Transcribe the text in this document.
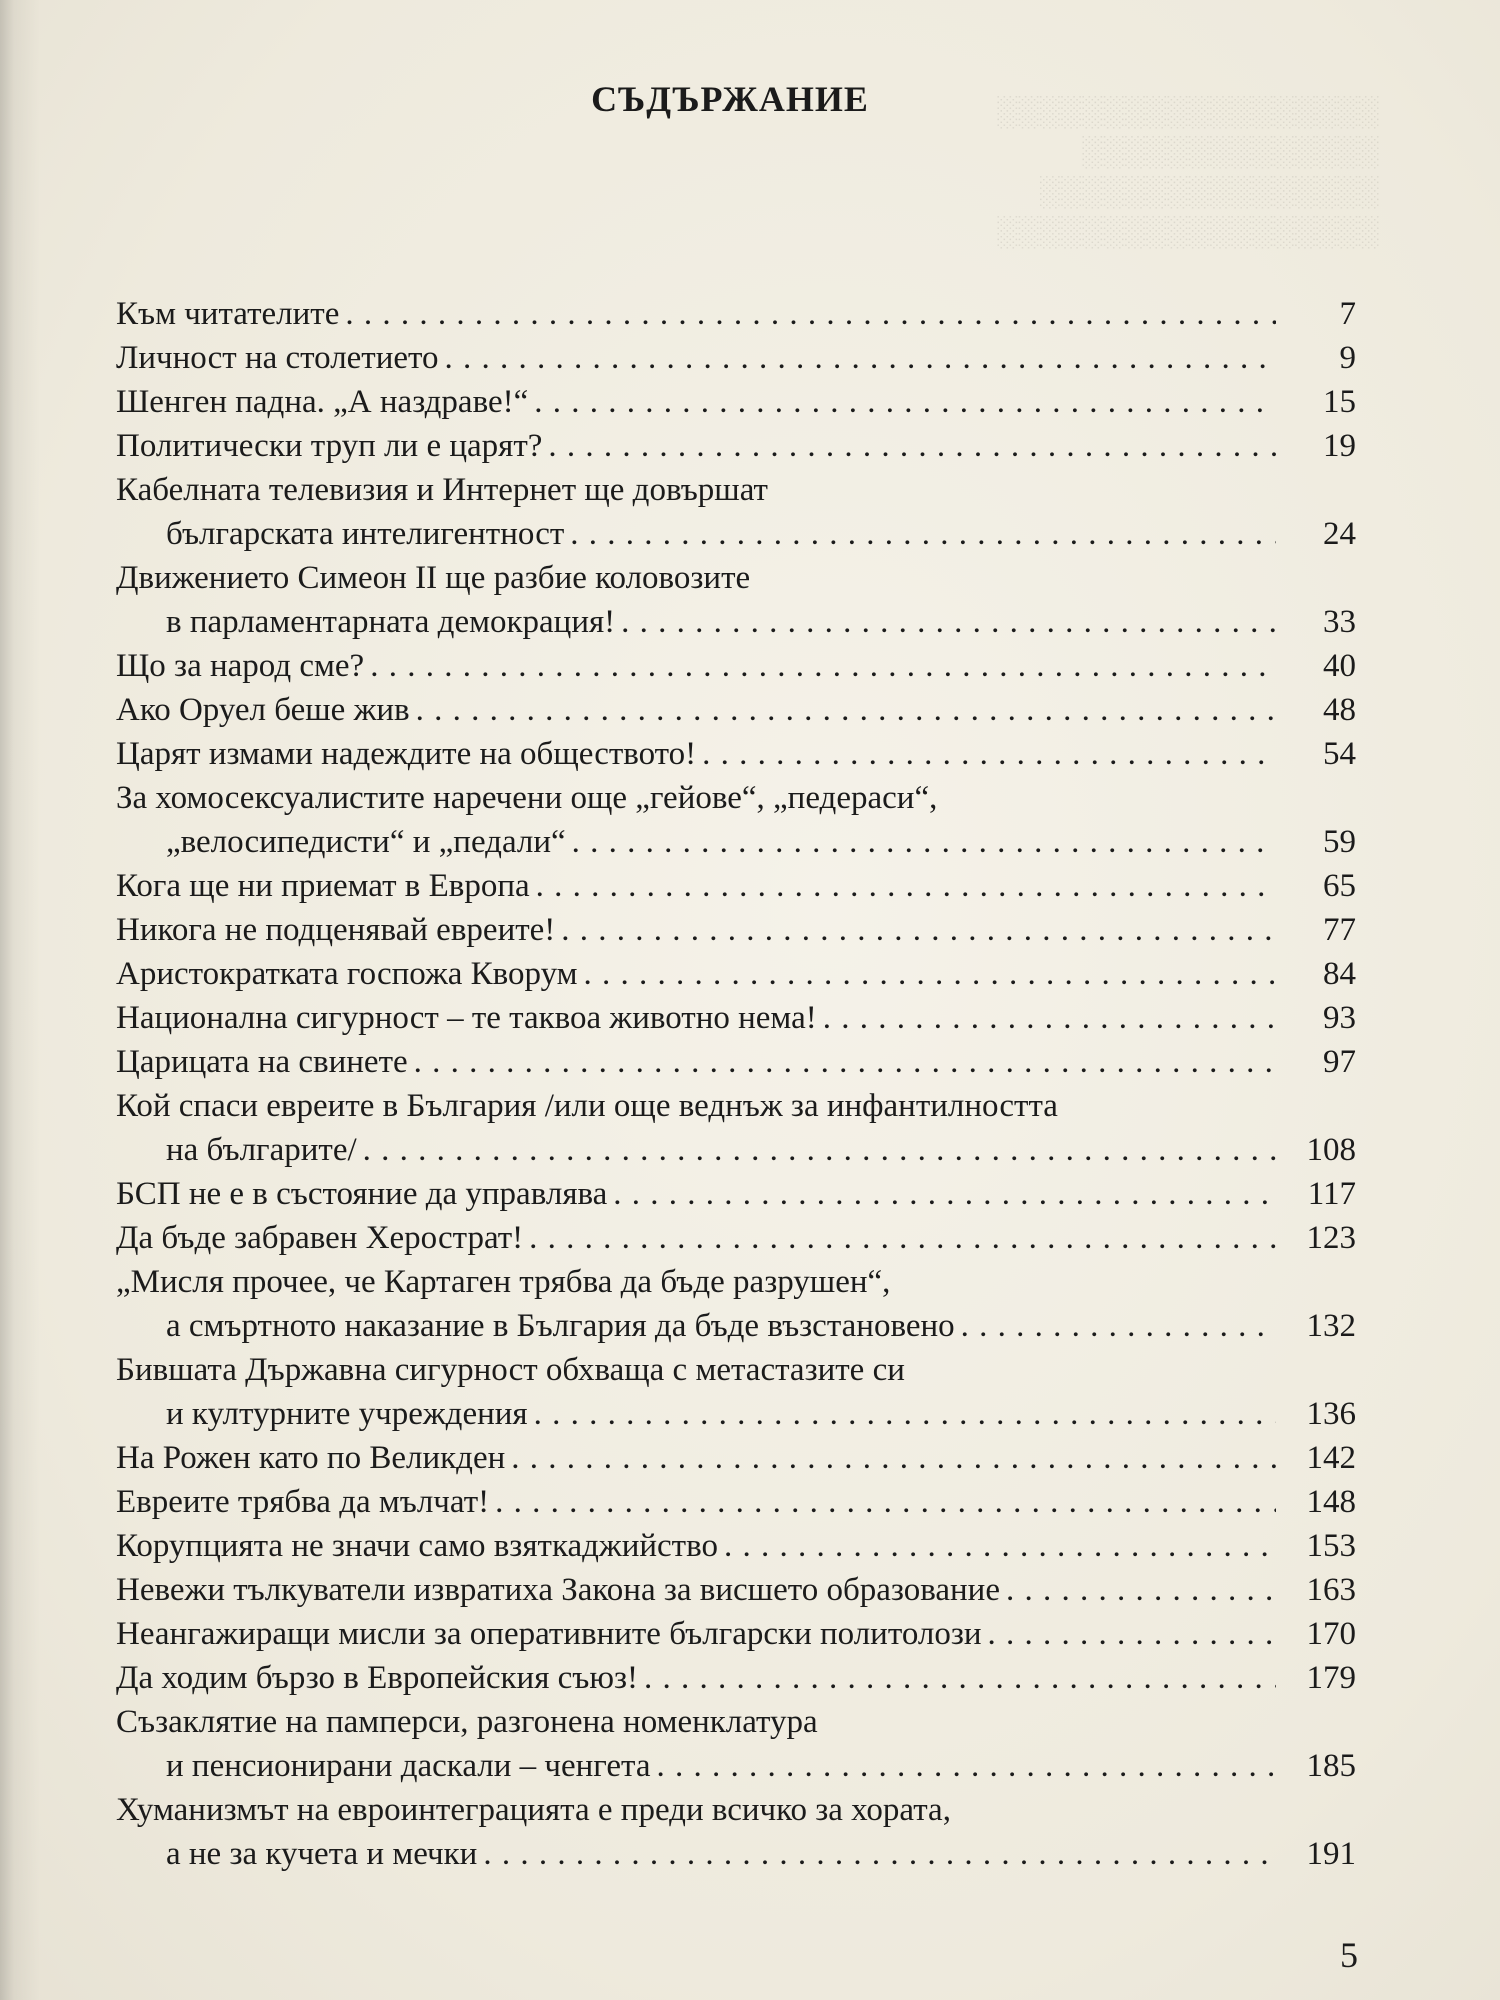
░░░░░░░░░░░░░░░░░░
░░░░░░░░░░░░░░
░░░░░░░░░░░░░░░░
░░░░░░░░░░░░░░░░░░
СЪДЪРЖАНИЕ
Към читателите . . .	7
Личност на столетието . . .	9
Шенген падна. „А наздраве!“ . . .	15
Политически труп ли е царят? . . .	19
Кабелната телевизия и Интернет ще довършат
българската интелигентност . . .	24
Движението Симеон II ще разбие коловозите
в парламентарната демокрация! . . .	33
Що за народ сме? . . .	40
Ако Оруел беше жив . . .	48
Царят измами надеждите на обществото! . . .	54
За хомосексуалистите наречени още „гейове“, „педераси“,
„велосипедисти“ и „педали“ . . .	59
Кога ще ни приемат в Европа . . .	65
Никога не подценявай евреите! . . .	77
Аристократката госпожа Кворум . . .	84
Национална сигурност – те таквоа животно нема! . . .	93
Царицата на свинете . . .	97
Кой спаси евреите в България /или още веднъж за инфантилността
на българите/ . . .	108
БСП не е в състояние да управлява . . .	117
Да бъде забравен Херострат! . . .	123
„Мисля прочее, че Картаген трябва да бъде разрушен“,
а смъртното наказание в България да бъде възстановено . . .	132
Бившата Държавна сигурност обхваща с метастазите си
и културните учреждения . . .	136
На Рожен като по Великден . . .	142
Евреите трябва да мълчат! . . .	148
Корупцията не значи само взяткаджийство . . .	153
Невежи тълкуватели извратиха Закона за висшето образование . . .	163
Неангажиращи мисли за оперативните български политолози . . .	170
Да ходим бързо в Европейския съюз! . . .	179
Съзаклятие на памперси, разгонена номенклатура
и пенсионирани даскали – ченгета . . .	185
Хуманизмът на евроинтеграцията е преди всичко за хората,
а не за кучета и мечки . . .	191

5
